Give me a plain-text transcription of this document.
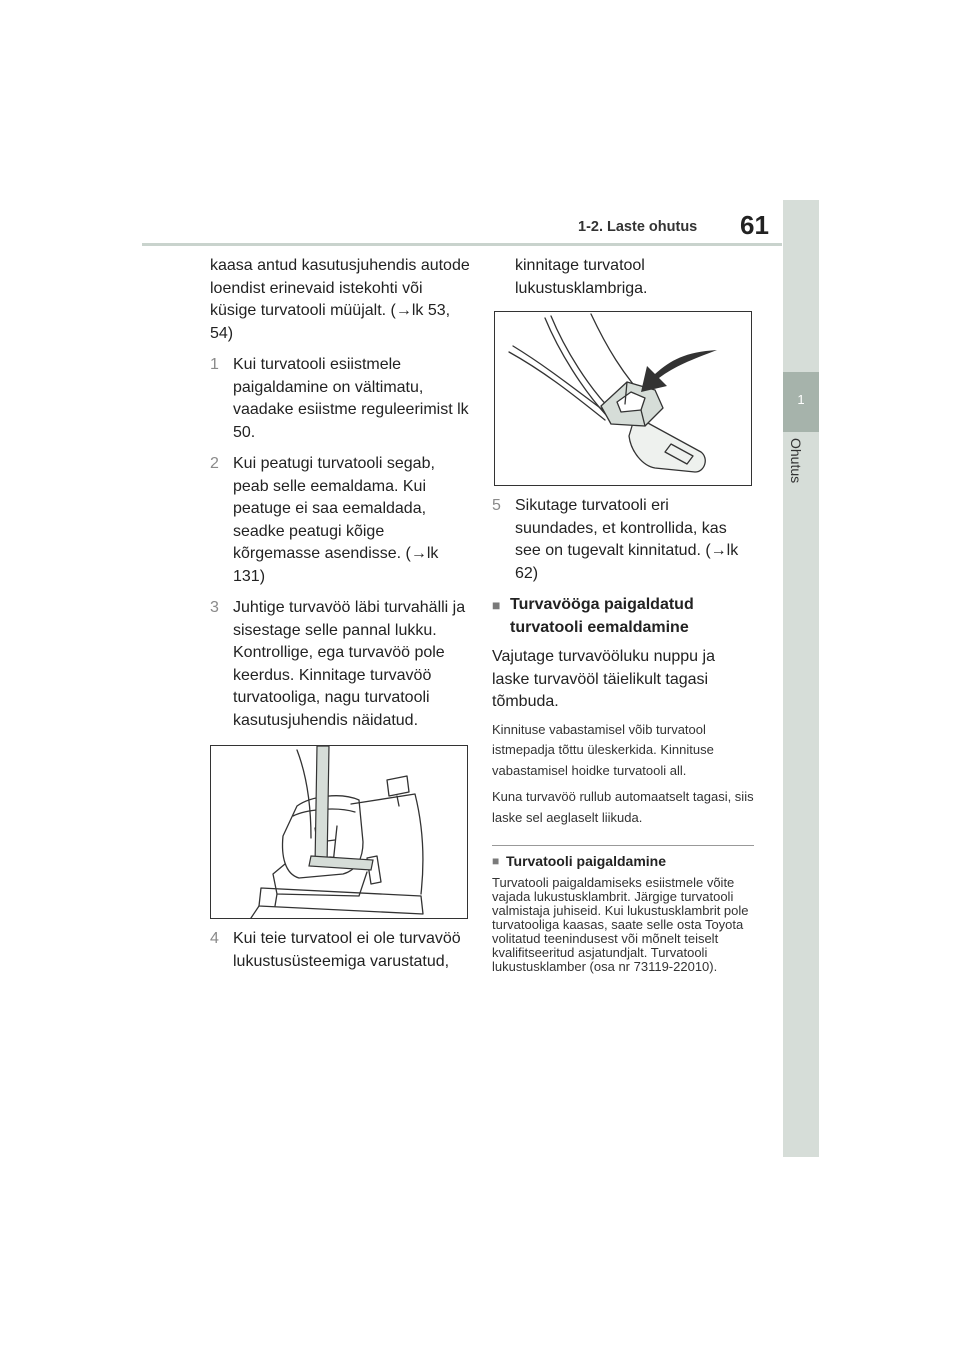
1-2. Laste ohutus 61
1
Ohutus

kaasa antud kasutusjuhendis autode loendist erinevaid istekohti või küsige turvatooli müüjalt. (→lk 53, 54)

1 Kui turvatooli esiistmele paigaldamine on vältimatu, vaadake esiistme reguleerimist lk 50.
2 Kui peatugi turvatooli segab, peab selle eemaldama. Kui peatuge ei saa eemaldada, seadke peatugi kõige kõrgemasse asendisse. (→lk 131)
3 Juhtige turvavöö läbi turvahälli ja sisestage selle pannal lukku. Kontrollige, ega turvavöö pole keerdus. Kinnitage turvavöö turvatooliga, nagu turvatooli kasutusjuhendis näidatud.
4 Kui teie turvatool ei ole turvavöö lukustusüsteemiga varustatud,

kinnitage turvatool lukustusklambriga.

5 Sikutage turvatooli eri suundades, et kontrollida, kas see on tugevalt kinnitatud. (→lk 62)
■ Turvavööga paigaldatud turvatooli eemaldamine

Vajutage turvavööluku nuppu ja laske turvavööl täielikult tagasi tõmbuda.

Kinnituse vabastamisel võib turvatool istmepadja tõttu üleskerkida. Kinnituse vabastamisel hoidke turvatooli all.

Kuna turvavöö rullub automaatselt tagasi, siis laske sel aeglaselt liikuda.

■ Turvatooli paigaldamine

Turvatooli paigaldamiseks esiistmele võite vajada lukustusklambrit. Järgige turvatooli valmistaja juhiseid. Kui lukustusklambrit pole turvatooliga kaasas, saate selle osta Toyota volitatud teenindusest või mõnelt teiselt kvalifitseeritud asjatundjalt. Turvatooli lukustusklamber (osa nr 73119-22010).
